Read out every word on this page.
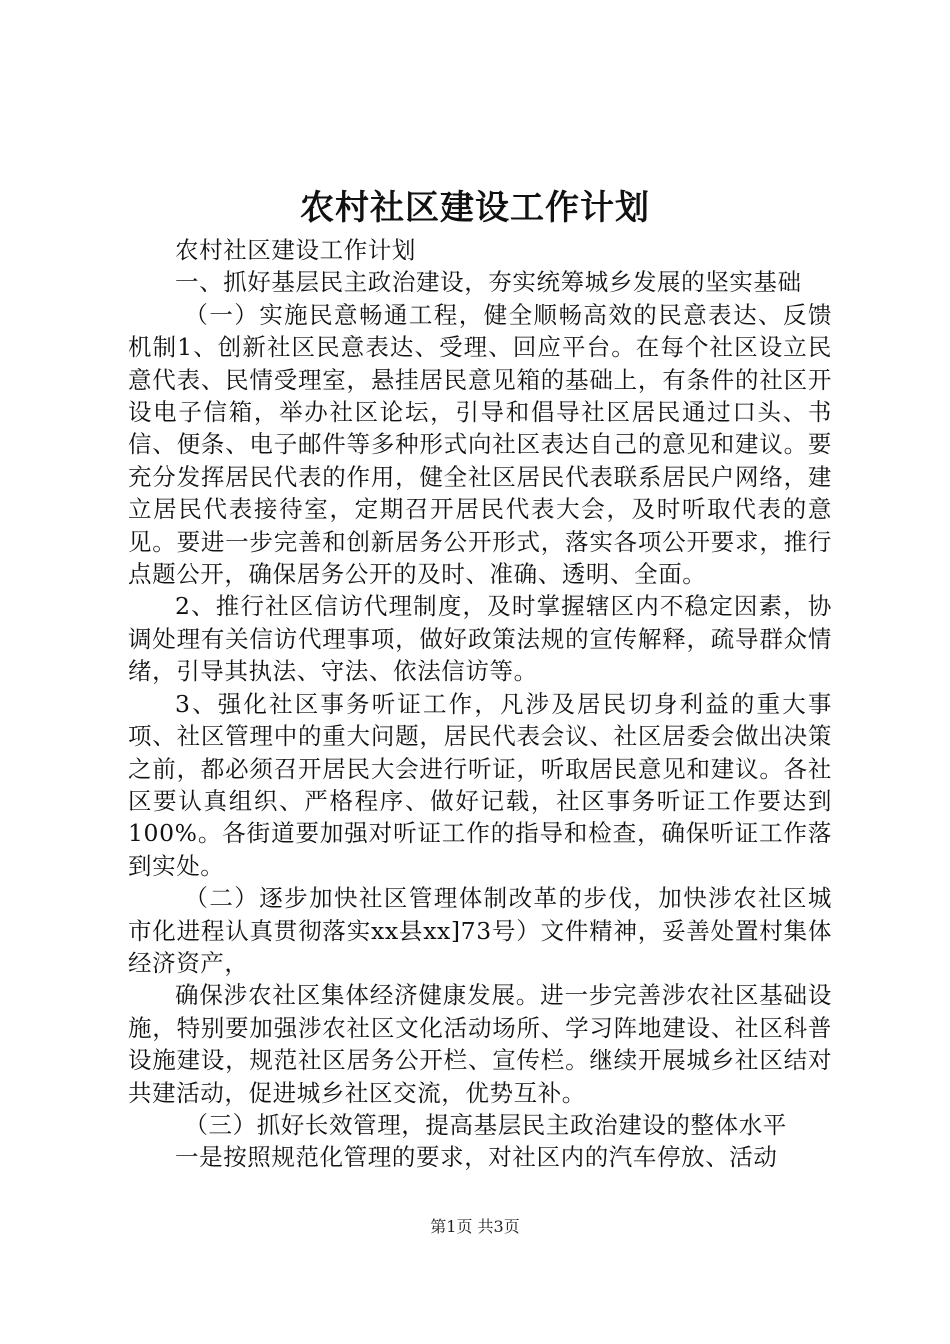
农村社区建设工作计划

农村社区建设工作计划

一、抓好基层民主政治建设，夯实统筹城乡发展的坚实基础

（一）实施民意畅通工程，健全顺畅高效的民意表达、反馈机制1、创新社区民意表达、受理、回应平台。在每个社区设立民意代表、民情受理室，悬挂居民意见箱的基础上，有条件的社区开设电子信箱，举办社区论坛，引导和倡导社区居民通过口头、书信、便条、电子邮件等多种形式向社区表达自己的意见和建议。要充分发挥居民代表的作用，健全社区居民代表联系居民户网络，建立居民代表接待室，定期召开居民代表大会，及时听取代表的意见。要进一步完善和创新居务公开形式，落实各项公开要求，推行点题公开，确保居务公开的及时、准确、透明、全面。

2、推行社区信访代理制度，及时掌握辖区内不稳定因素，协调处理有关信访代理事项，做好政策法规的宣传解释，疏导群众情绪，引导其执法、守法、依法信访等。

3、强化社区事务听证工作，凡涉及居民切身利益的重大事项、社区管理中的重大问题，居民代表会议、社区居委会做出决策之前，都必须召开居民大会进行听证，听取居民意见和建议。各社区要认真组织、严格程序、做好记载，社区事务听证工作要达到100%。各街道要加强对听证工作的指导和检查，确保听证工作落到实处。

（二）逐步加快社区管理体制改革的步伐，加快涉农社区城市化进程认真贯彻落实xx县xx]73号）文件精神，妥善处置村集体经济资产，

确保涉农社区集体经济健康发展。进一步完善涉农社区基础设施，特别要加强涉农社区文化活动场所、学习阵地建设、社区科普设施建设，规范社区居务公开栏、宣传栏。继续开展城乡社区结对共建活动，促进城乡社区交流，优势互补。

（三）抓好长效管理，提高基层民主政治建设的整体水平

一是按照规范化管理的要求，对社区内的汽车停放、活动

第1页 共3页
